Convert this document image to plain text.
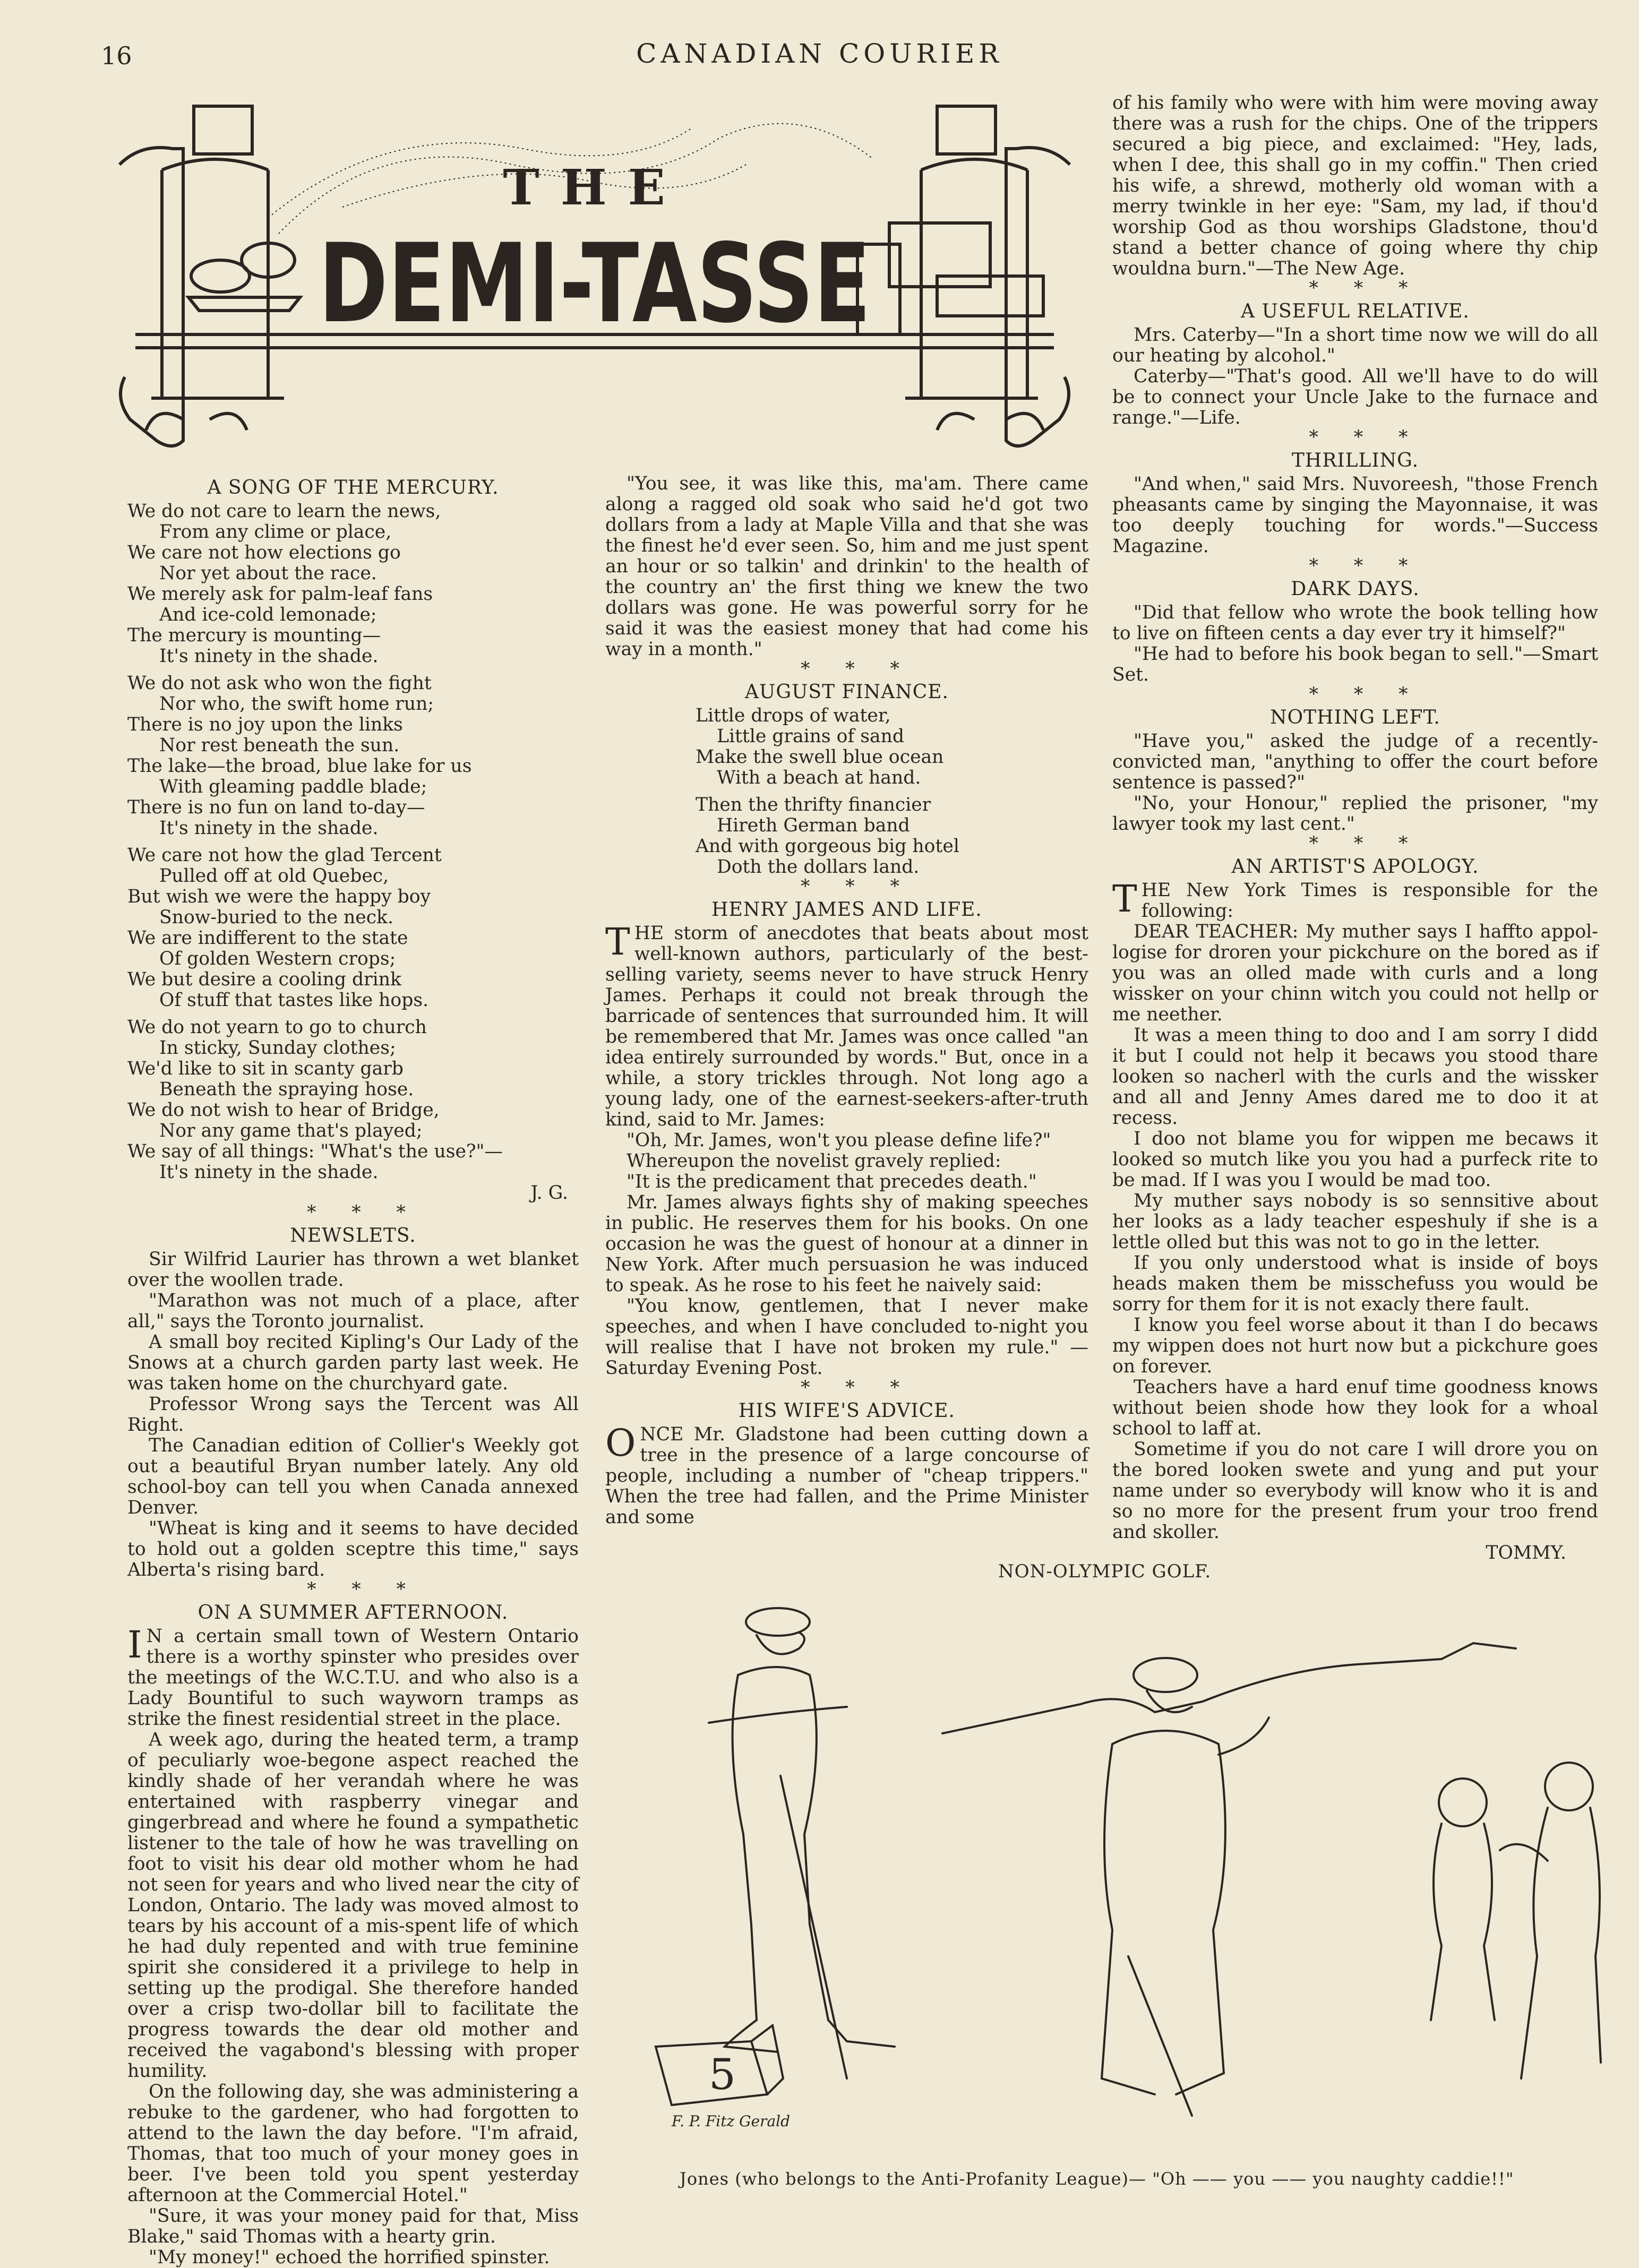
16	CANADIAN COURIER
THE
DEMI-TASSE
A SONG OF THE MERCURY.
We do not care to learn the news,
From any clime or place,
We care not how elections go
Nor yet about the race.
We merely ask for palm-leaf fans
And ice-cold lemonade;
The mercury is mounting—
It's ninety in the shade.
We do not ask who won the fight
Nor who, the swift home run;
There is no joy upon the links
Nor rest beneath the sun.
The lake—the broad, blue lake for us
With gleaming paddle blade;
There is no fun on land to-day—
It's ninety in the shade.
We care not how the glad Tercent
Pulled off at old Quebec,
But wish we were the happy boy
Snow-buried to the neck.
We are indifferent to the state
Of golden Western crops;
We but desire a cooling drink
Of stuff that tastes like hops.
We do not yearn to go to church
In sticky, Sunday clothes;
We'd like to sit in scanty garb
Beneath the spraying hose.
We do not wish to hear of Bridge,
Nor any game that's played;
We say of all things: "What's the use?"—
It's ninety in the shade.

J. G.

* * *

NEWSLETS.

Sir Wilfrid Laurier has thrown a wet blanket over the woollen trade.

"Marathon was not much of a place, after all," says the Toronto journalist.

A small boy recited Kipling's Our Lady of the Snows at a church garden party last week. He was taken home on the churchyard gate.

Professor Wrong says the Tercent was All Right.

The Canadian edition of Collier's Weekly got out a beautiful Bryan number lately. Any old school-boy can tell you when Canada annexed Denver.

"Wheat is king and it seems to have decided to hold out a golden sceptre this time," says Alberta's rising bard.

* * *

ON A SUMMER AFTERNOON.

I N a certain small town of Western Ontario there is a worthy spinster who presides over the meetings of the W.C.T.U. and who also is a Lady Bountiful to such wayworn tramps as strike the finest residential street in the place.

A week ago, during the heated term, a tramp of peculiarly woe-begone aspect reached the kindly shade of her verandah where he was entertained with raspberry vinegar and gingerbread and where he found a sympathetic listener to the tale of how he was travelling on foot to visit his dear old mother whom he had not seen for years and who lived near the city of London, Ontario. The lady was moved almost to tears by his account of a mis-spent life of which he had duly repented and with true feminine spirit she considered it a privilege to help in setting up the prodigal. She therefore handed over a crisp two-dollar bill to facilitate the progress towards the dear old mother and received the vagabond's blessing with proper humility.

On the following day, she was administering a rebuke to the gardener, who had forgotten to attend to the lawn the day before. "I'm afraid, Thomas, that too much of your money goes in beer. I've been told you spent yesterday afternoon at the Commercial Hotel."

"Sure, it was your money paid for that, Miss Blake," said Thomas with a hearty grin.

"My money!" echoed the horrified spinster.

"You see, it was like this, ma'am. There came along a ragged old soak who said he'd got two dollars from a lady at Maple Villa and that she was the finest he'd ever seen. So, him and me just spent an hour or so talkin' and drinkin' to the health of the country an' the first thing we knew the two dollars was gone. He was powerful sorry for he said it was the easiest money that had come his way in a month."

* * *

AUGUST FINANCE.
Little drops of water,
Little grains of sand
Make the swell blue ocean
With a beach at hand.
Then the thrifty financier
Hireth German band
And with gorgeous big hotel
Doth the dollars land.

* * *

HENRY JAMES AND LIFE.

THE storm of anecdotes that beats about most well-known authors, particularly of the best-selling variety, seems never to have struck Henry James. Perhaps it could not break through the barricade of sentences that surrounded him. It will be remembered that Mr. James was once called "an idea entirely surrounded by words." But, once in a while, a story trickles through. Not long ago a young lady, one of the earnest-seekers-after-truth kind, said to Mr. James:

"Oh, Mr. James, won't you please define life?"

Whereupon the novelist gravely replied:

"It is the predicament that precedes death."

Mr. James always fights shy of making speeches in public. He reserves them for his books. On one occasion he was the guest of honour at a dinner in New York. After much persuasion he was induced to speak. As he rose to his feet he naively said:

"You know, gentlemen, that I never make speeches, and when I have concluded to-night you will realise that I have not broken my rule." — Saturday Evening Post.

* * *

HIS WIFE'S ADVICE.

ONCE Mr. Gladstone had been cutting down a tree in the presence of a large concourse of people, including a number of "cheap trippers." When the tree had fallen, and the Prime Minister and some

of his family who were with him were moving away there was a rush for the chips. One of the trippers secured a big piece, and exclaimed: "Hey, lads, when I dee, this shall go in my coffin." Then cried his wife, a shrewd, motherly old woman with a merry twinkle in her eye: "Sam, my lad, if thou'd worship God as thou worships Gladstone, thou'd stand a better chance of going where thy chip wouldna burn."—The New Age.

* * *

A USEFUL RELATIVE.

Mrs. Caterby—"In a short time now we will do all our heating by alcohol."

Caterby—"That's good. All we'll have to do will be to connect your Uncle Jake to the furnace and range."—Life.

* * *

THRILLING.

"And when," said Mrs. Nuvoreesh, "those French pheasants came by singing the Mayonnaise, it was too deeply touching for words."—Success Magazine.

* * *

DARK DAYS.

"Did that fellow who wrote the book telling how to live on fifteen cents a day ever try it himself?"

"He had to before his book began to sell."—Smart Set.

* * *

NOTHING LEFT.

"Have you," asked the judge of a recently-convicted man, "anything to offer the court before sentence is passed?"

"No, your Honour," replied the prisoner, "my lawyer took my last cent."

* * *

AN ARTIST'S APOLOGY.

THE New York Times is responsible for the following:

DEAR TEACHER: My muther says I haffto appol-logise for droren your pickchure on the bored as if you was an olled made with curls and a long wissker on your chinn witch you could not hellp or me neether.

It was a meen thing to doo and I am sorry I didd it but I could not help it becaws you stood thare looken so nacherl with the curls and the wissker and all and Jenny Ames dared me to doo it at recess.

I doo not blame you for wippen me becaws it looked so mutch like you you had a purfeck rite to be mad. If I was you I would be mad too.

My muther says nobody is so sennsitive about her looks as a lady teacher espeshuly if she is a lettle olled but this was not to go in the letter.

If you only understood what is inside of boys heads maken them be misschefuss you would be sorry for them for it is not exacly there fault.

I know you feel worse about it than I do becaws my wippen does not hurt now but a pickchure goes on forever.

Teachers have a hard enuf time goodness knows without beien shode how they look for a whoal school to laff at.

Sometime if you do not care I will drore you on the bored looken swete and yung and put your name under so everybody will know who it is and so no more for the present frum your troo frend and skoller.

TOMMY.

NON-OLYMPIC GOLF.
5
F. P. Fitz Gerald
Jones (who belongs to the Anti-Profanity League)— "Oh —— you —— you naughty caddie!!"
